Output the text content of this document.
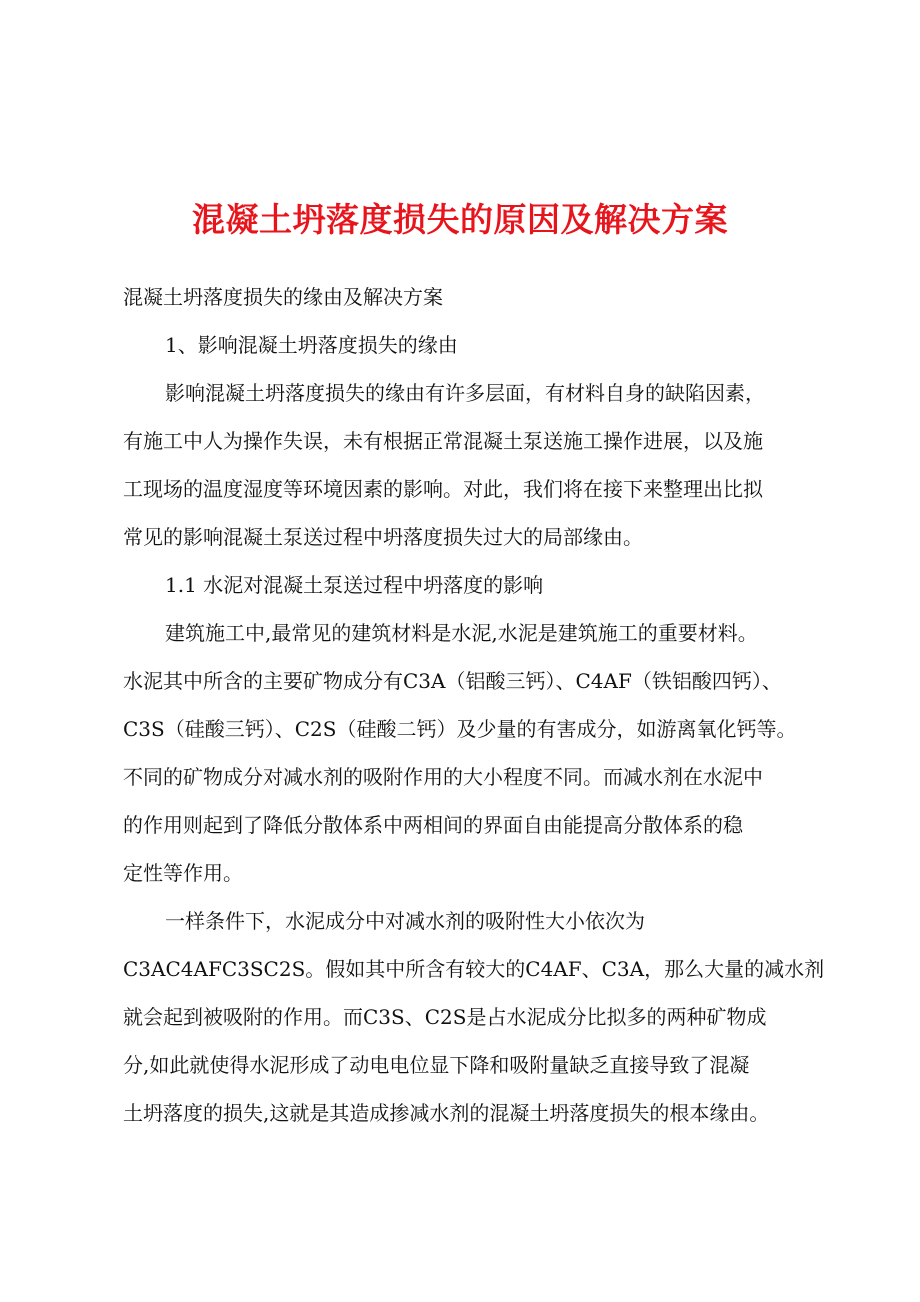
混凝土坍落度损失的原因及解决方案
混凝土坍落度损失的缘由及解决方案
1、影响混凝土坍落度损失的缘由
影响混凝土坍落度损失的缘由有许多层面，有材料自身的缺陷因素，
有施工中人为操作失误，未有根据正常混凝土泵送施工操作进展，以及施
工现场的温度湿度等环境因素的影响。对此，我们将在接下来整理出比拟
常见的影响混凝土泵送过程中坍落度损失过大的局部缘由。
1.1 水泥对混凝土泵送过程中坍落度的影响
建筑施工中,最常见的建筑材料是水泥,水泥是建筑施工的重要材料。
水泥其中所含的主要矿物成分有C3A（铝酸三钙）、C4AF（铁铝酸四钙）、
C3S（硅酸三钙）、C2S（硅酸二钙）及少量的有害成分，如游离氧化钙等。
不同的矿物成分对减水剂的吸附作用的大小程度不同。而减水剂在水泥中
的作用则起到了降低分散体系中两相间的界面自由能提高分散体系的稳
定性等作用。
一样条件下，水泥成分中对减水剂的吸附性大小依次为
C3AC4AFC3SC2S。假如其中所含有较大的C4AF、C3A，那么大量的减水剂
就会起到被吸附的作用。而C3S、C2S是占水泥成分比拟多的两种矿物成
分,如此就使得水泥形成了动电电位显下降和吸附量缺乏直接导致了混凝
土坍落度的损失,这就是其造成掺减水剂的混凝土坍落度损失的根本缘由。
